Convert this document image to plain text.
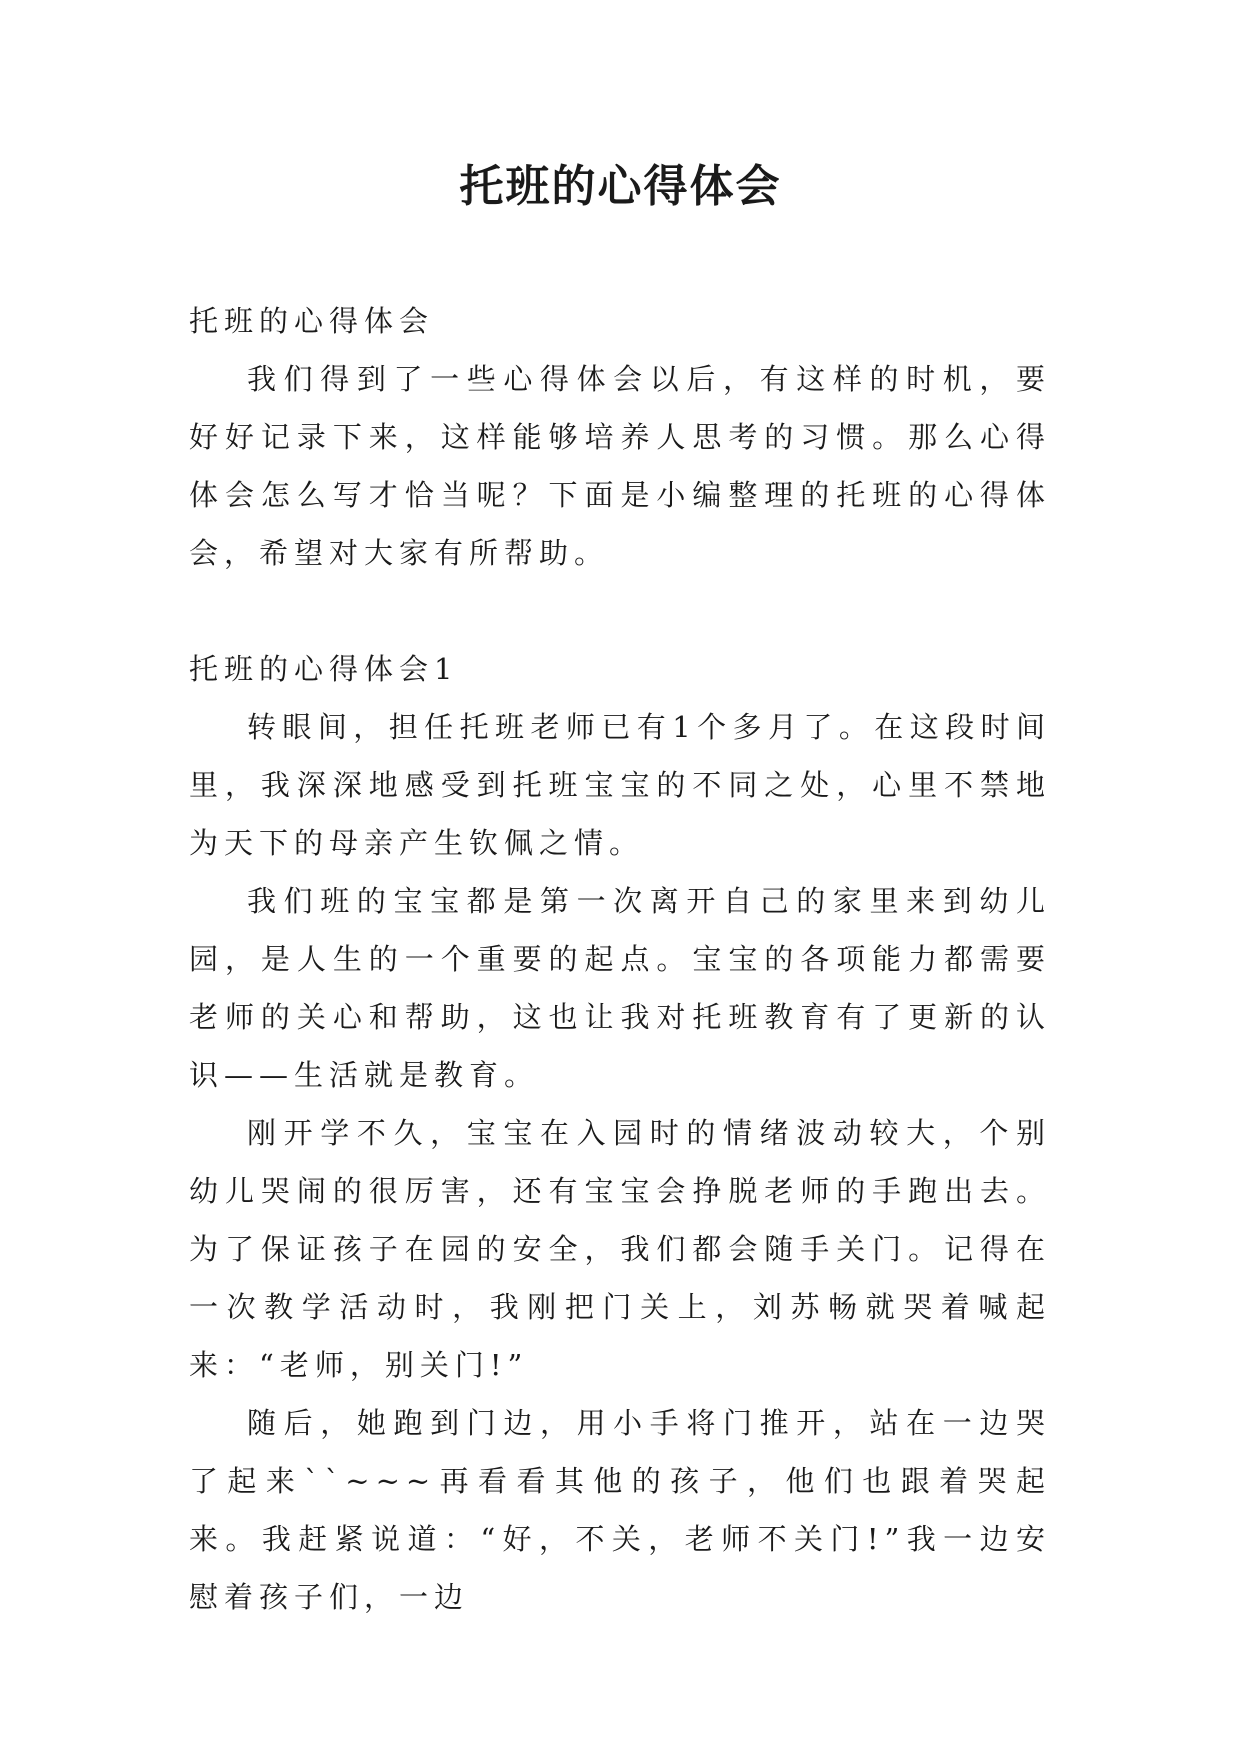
托班的心得体会

托班的心得体会

我们得到了一些心得体会以后，有这样的时机，要好好记录下来，这样能够培养人思考的习惯。那么心得体会怎么写才恰当呢？下面是小编整理的托班的心得体会，希望对大家有所帮助。

托班的心得体会1

转眼间，担任托班老师已有1个多月了。在这段时间里，我深深地感受到托班宝宝的不同之处，心里不禁地为天下的母亲产生钦佩之情。

我们班的宝宝都是第一次离开自己的家里来到幼儿园，是人生的一个重要的起点。宝宝的各项能力都需要老师的关心和帮助，这也让我对托班教育有了更新的认识——生活就是教育。

刚开学不久，宝宝在入园时的情绪波动较大，个别幼儿哭闹的很厉害，还有宝宝会挣脱老师的手跑出去。为了保证孩子在园的安全，我们都会随手关门。记得在一次教学活动时，我刚把门关上，刘苏畅就哭着喊起来：“老师，别关门!”

随后，她跑到门边，用小手将门推开，站在一边哭了起来``~~~再看看其他的孩子，他们也跟着哭起来。我赶紧说道：“好，不关，老师不关门!”我一边安慰着孩子们，一边
